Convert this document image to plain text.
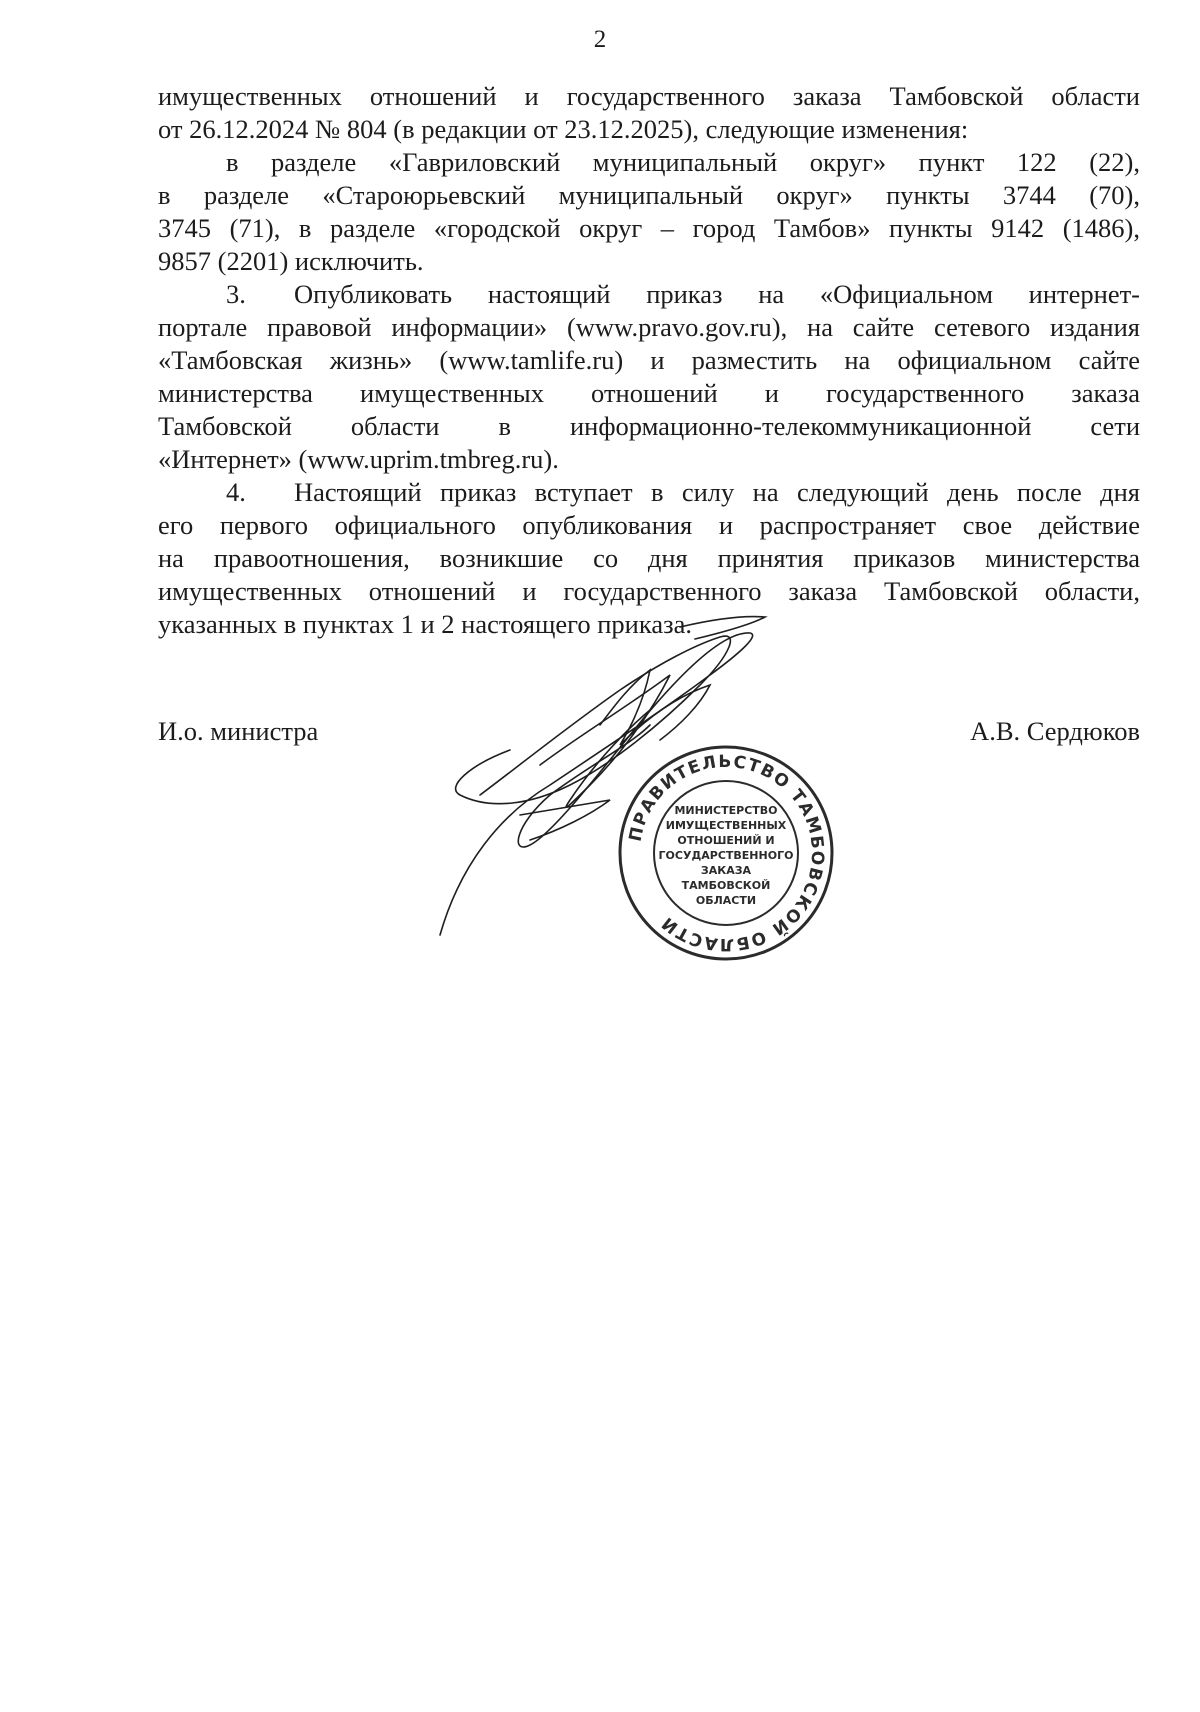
2
имущественных отношений и государственного заказа Тамбовской области
от 26.12.2024 № 804 (в редакции от 23.12.2025), следующие изменения:
в разделе «Гавриловский муниципальный округ» пункт 122 (22),
в разделе «Староюрьевский муниципальный округ» пункты 3744 (70),
3745 (71), в разделе «городской округ – город Тамбов» пункты 9142 (1486),
9857 (2201) исключить.
3. Опубликовать настоящий приказ на «Официальном интернет-
портале правовой информации» (www.pravo.gov.ru), на сайте сетевого издания
«Тамбовская жизнь» (www.tamlife.ru) и разместить на официальном сайте
министерства имущественных отношений и государственного заказа
Тамбовской области в информационно-телекоммуникационной сети
«Интернет» (www.uprim.tmbreg.ru).
4. Настоящий приказ вступает в силу на следующий день после дня
его первого официального опубликования и распространяет свое действие
на правоотношения, возникшие со дня принятия приказов министерства
имущественных отношений и государственного заказа Тамбовской области,
указанных в пунктах 1 и 2 настоящего приказа.
И.о. министра	А.В. Сердюков
ПРАВИТЕЛЬСТВО ТАМБОВСКОЙ ОБЛАСТИ
МИНИСТЕРСТВО
ИМУЩЕСТВЕННЫХ
ОТНОШЕНИЙ И
ГОСУДАРСТВЕННОГО
ЗАКАЗА
ТАМБОВСКОЙ
ОБЛАСТИ
